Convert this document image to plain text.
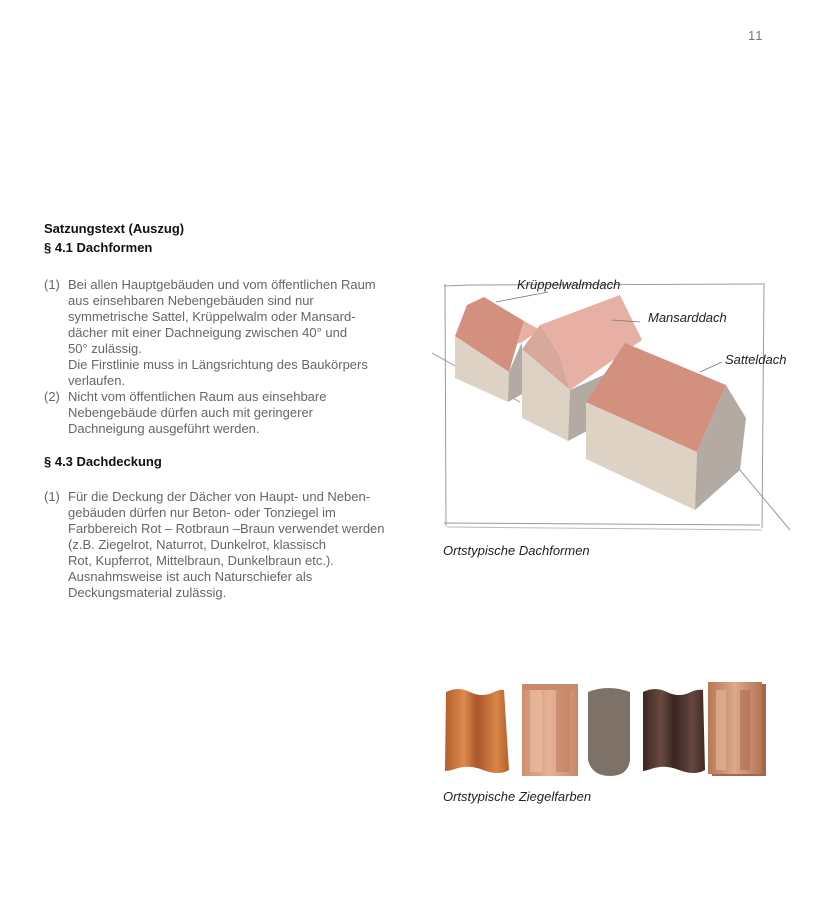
11
Satzungstext (Auszug)
§ 4.1 Dachformen
(1) Bei allen Hauptgebäuden und vom öffentlichen Raum
aus einsehbaren Nebengebäuden sind nur
symmetrische Sattel, Krüppelwalm oder Mansard-
dächer mit einer Dachneigung zwischen 40° und
50° zulässig.
Die Firstlinie muss in Längsrichtung des Baukörpers
verlaufen.
(2) Nicht vom öffentlichen Raum aus einsehbare
Nebengebäude dürfen auch mit geringerer
Dachneigung ausgeführt werden.
§ 4.3 Dachdeckung
(1) Für die Deckung der Dächer von Haupt- und Neben-
gebäuden dürfen nur Beton- oder Tonziegel im
Farbbereich Rot – Rotbraun –Braun verwendet werden
(z.B. Ziegelrot, Naturrot, Dunkelrot, klassisch
Rot, Kupferrot, Mittelbraun, Dunkelbraun etc.).
Ausnahmsweise ist auch Naturschiefer als
Deckungsmaterial zulässig.
Krüppelwalmdach
Mansarddach
Satteldach
Ortstypische Dachformen
Ortstypische Ziegelfarben
